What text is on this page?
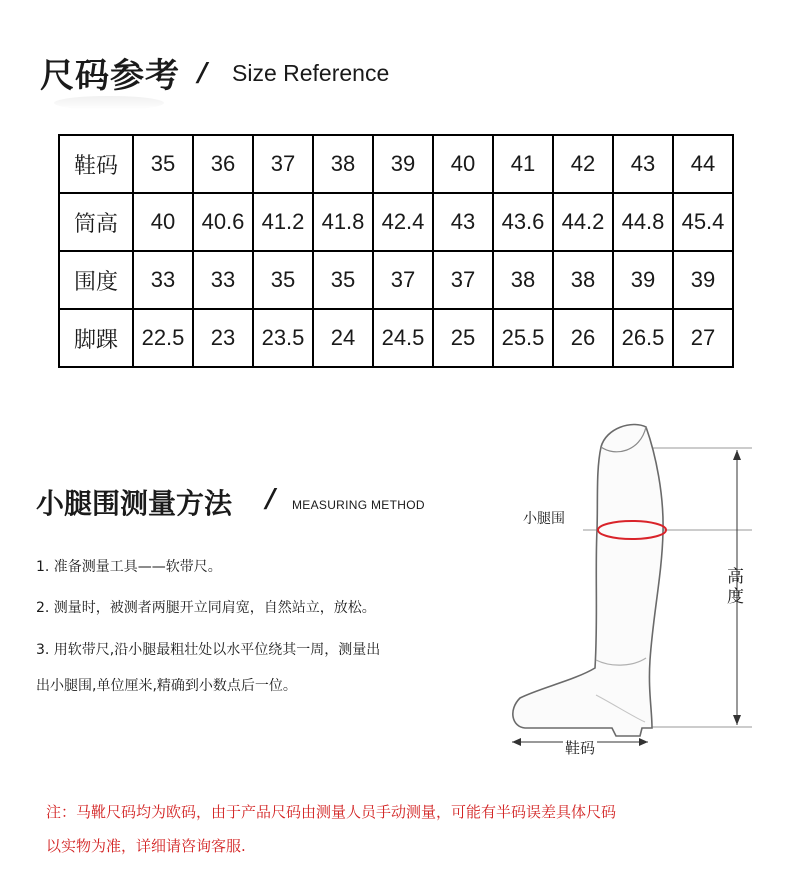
尺码参考 / Size Reference
鞋码	35	36	37	38	39	40	41	42	43	44
筒高	40	40.6	41.2	41.8	42.4	43	43.6	44.2	44.8	45.4
围度	33	33	35	35	37	37	38	38	39	39
脚踝	22.5	23	23.5	24	24.5	25	25.5	26	26.5	27
小腿围测量方法 / MEASURING METHOD
1. 准备测量工具——软带尺。
2. 测量时，被测者两腿开立同肩宽，自然站立，放松。
3. 用软带尺,沿小腿最粗壮处以水平位绕其一周，测量出
出小腿围,单位厘米,精确到小数点后一位。
小腿围
高
度
鞋码
注：马靴尺码均为欧码，由于产品尺码由测量人员手动测量，可能有半码误差具体尺码
以实物为准，详细请咨询客服.
